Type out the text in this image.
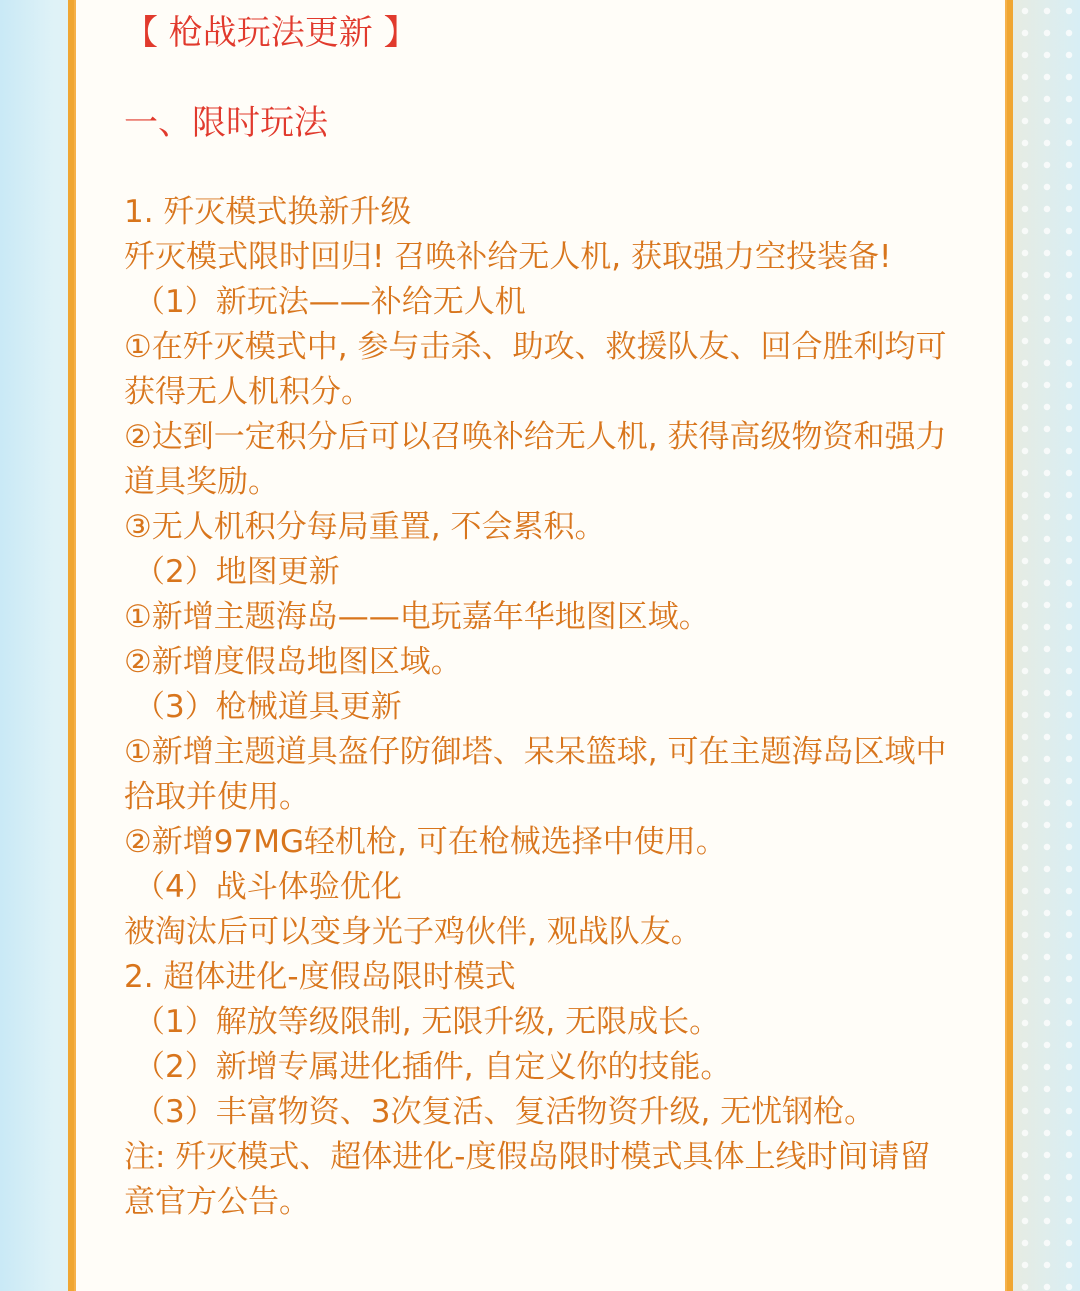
【 枪战玩法更新 】
一、限时玩法
1. 歼灭模式换新升级
歼灭模式限时回归! 召唤补给无人机, 获取强力空投装备!
（1）新玩法——补给无人机
①在歼灭模式中, 参与击杀、助攻、救援队友、回合胜利均可获得无人机积分。
②达到一定积分后可以召唤补给无人机, 获得高级物资和强力道具奖励。
③无人机积分每局重置, 不会累积。
（2）地图更新
①新增主题海岛——电玩嘉年华地图区域。
②新增度假岛地图区域。
（3）枪械道具更新
①新增主题道具盔仔防御塔、呆呆篮球, 可在主题海岛区域中拾取并使用。
②新增97MG轻机枪, 可在枪械选择中使用。
（4）战斗体验优化
被淘汰后可以变身光子鸡伙伴, 观战队友。
2. 超体进化-度假岛限时模式
（1）解放等级限制, 无限升级, 无限成长。
（2）新增专属进化插件, 自定义你的技能。
（3）丰富物资、3次复活、复活物资升级, 无忧钢枪。
注: 歼灭模式、超体进化-度假岛限时模式具体上线时间请留意官方公告。
